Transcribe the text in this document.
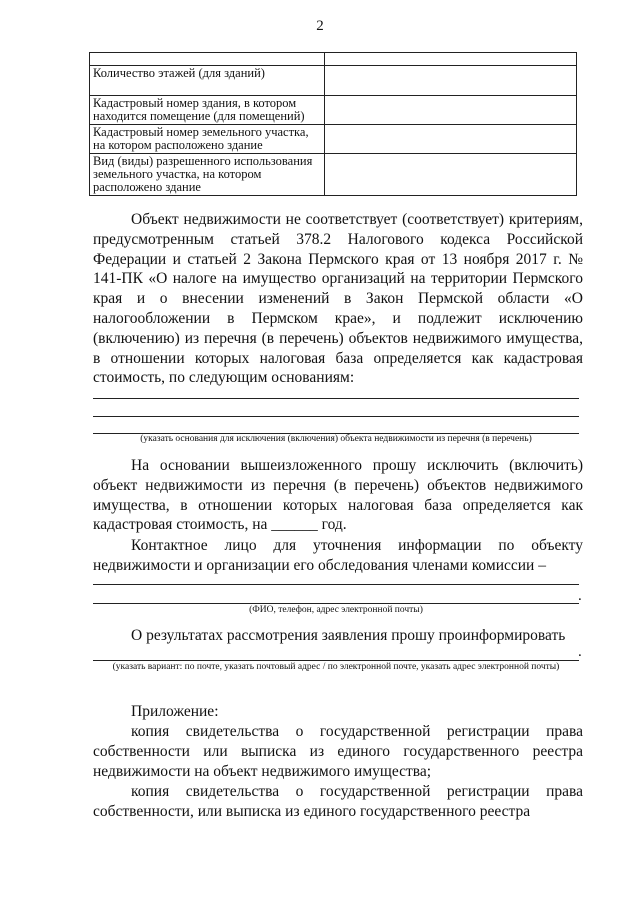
2

Количество этажей (для зданий)	
Кадастровый номер здания, в котором находится помещение (для помещений)	
Кадастровый номер земельного участка, на котором расположено здание	
Вид (виды) разрешенного использования земельного участка, на котором расположено здание	

Объект недвижимости не соответствует (соответствует) критериям, предусмотренным статьей 378.2 Налогового кодекса Российской Федерации и статьей 2 Закона Пермского края от 13 ноября 2017 г. № 141-ПК «О налоге на имущество организаций на территории Пермского края и о внесении изменений в Закон Пермской области «О налогообложении в Пермском крае», и подлежит исключению (включению) из перечня (в перечень) объектов недвижимого имущества, в отношении которых налоговая база определяется как кадастровая стоимость, по следующим основаниям:

(указать основания для исключения (включения) объекта недвижимости из перечня (в перечень)

На основании вышеизложенного прошу исключить (включить) объект недвижимости из перечня (в перечень) объектов недвижимого имущества, в отношении которых налоговая база определяется как кадастровая стоимость, на ______ год.

Контактное лицо для уточнения информации по объекту недвижимости и организации его обследования членами комиссии –

.
(ФИО, телефон, адрес электронной почты)

О результатах рассмотрения заявления прошу проинформировать

.
(указать вариант: по почте, указать почтовый адрес / по электронной почте, указать адрес электронной почты)

Приложение:

копия свидетельства о государственной регистрации права собственности или выписка из единого государственного реестра недвижимости на объект недвижимого имущества;

копия свидетельства о государственной регистрации права собственности, или выписка из единого государственного реестра
